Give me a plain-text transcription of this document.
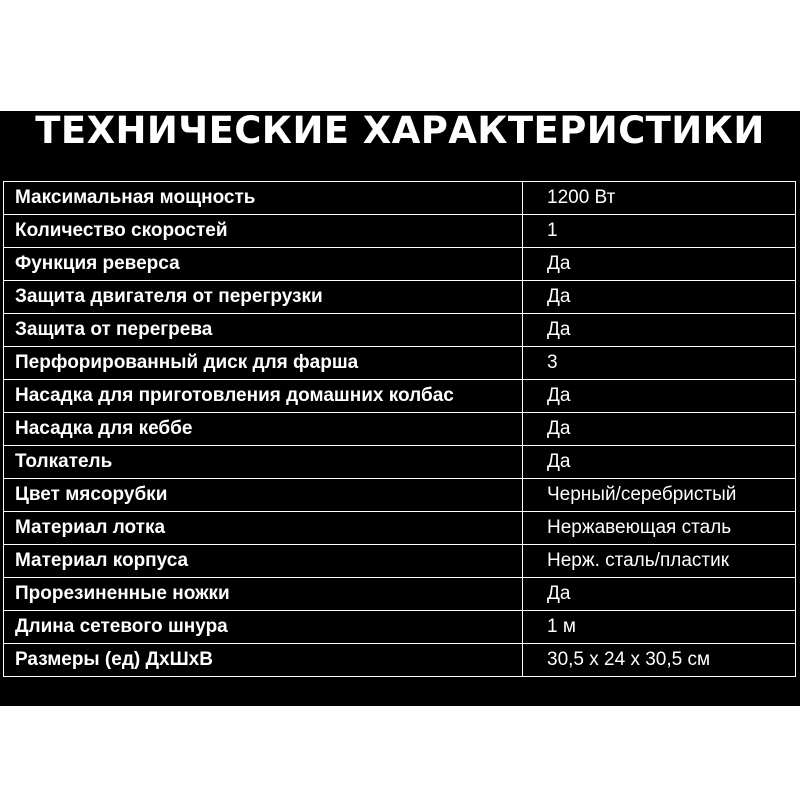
ТЕХНИЧЕСКИЕ ХАРАКТЕРИСТИКИ
Максимальная мощность	1200 Вт
Количество скоростей	1
Функция реверса	Да
Защита двигателя от перегрузки	Да
Защита от перегрева	Да
Перфорированный диск для фарша	3
Насадка для приготовления домашних колбас	Да
Насадка для кеббе	Да
Толкатель	Да
Цвет мясорубки	Черный/серебристый
Материал лотка	Нержавеющая сталь
Материал корпуса	Нерж. сталь/пластик
Прорезиненные ножки	Да
Длина сетевого шнура	1 м
Размеры (ед) ДхШхВ	30,5 x 24 x 30,5 см
